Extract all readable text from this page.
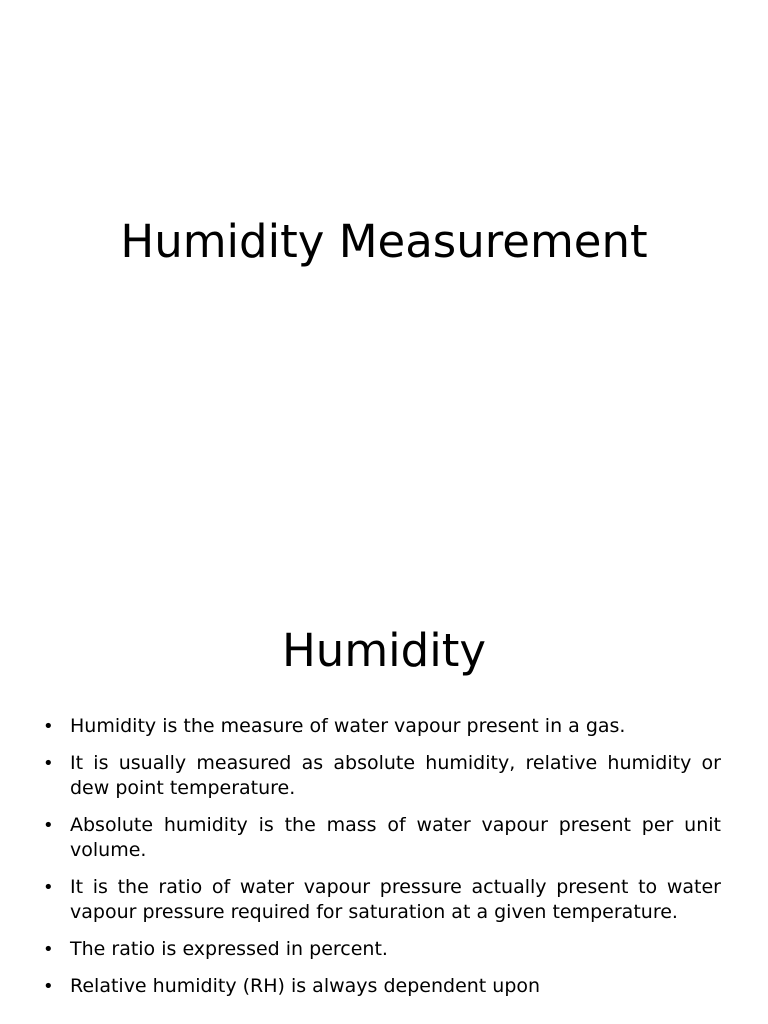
Humidity Measurement
Humidity
• Humidity is the measure of water vapour present in a gas.
• It is usually measured as absolute humidity, relative humidity or dew point temperature.
• Absolute humidity is the mass of water vapour present per unit volume.
• It is the ratio of water vapour pressure actually present to water vapour pressure required for saturation at a given temperature.
• The ratio is expressed in percent.
• Relative humidity (RH) is always dependent upon
